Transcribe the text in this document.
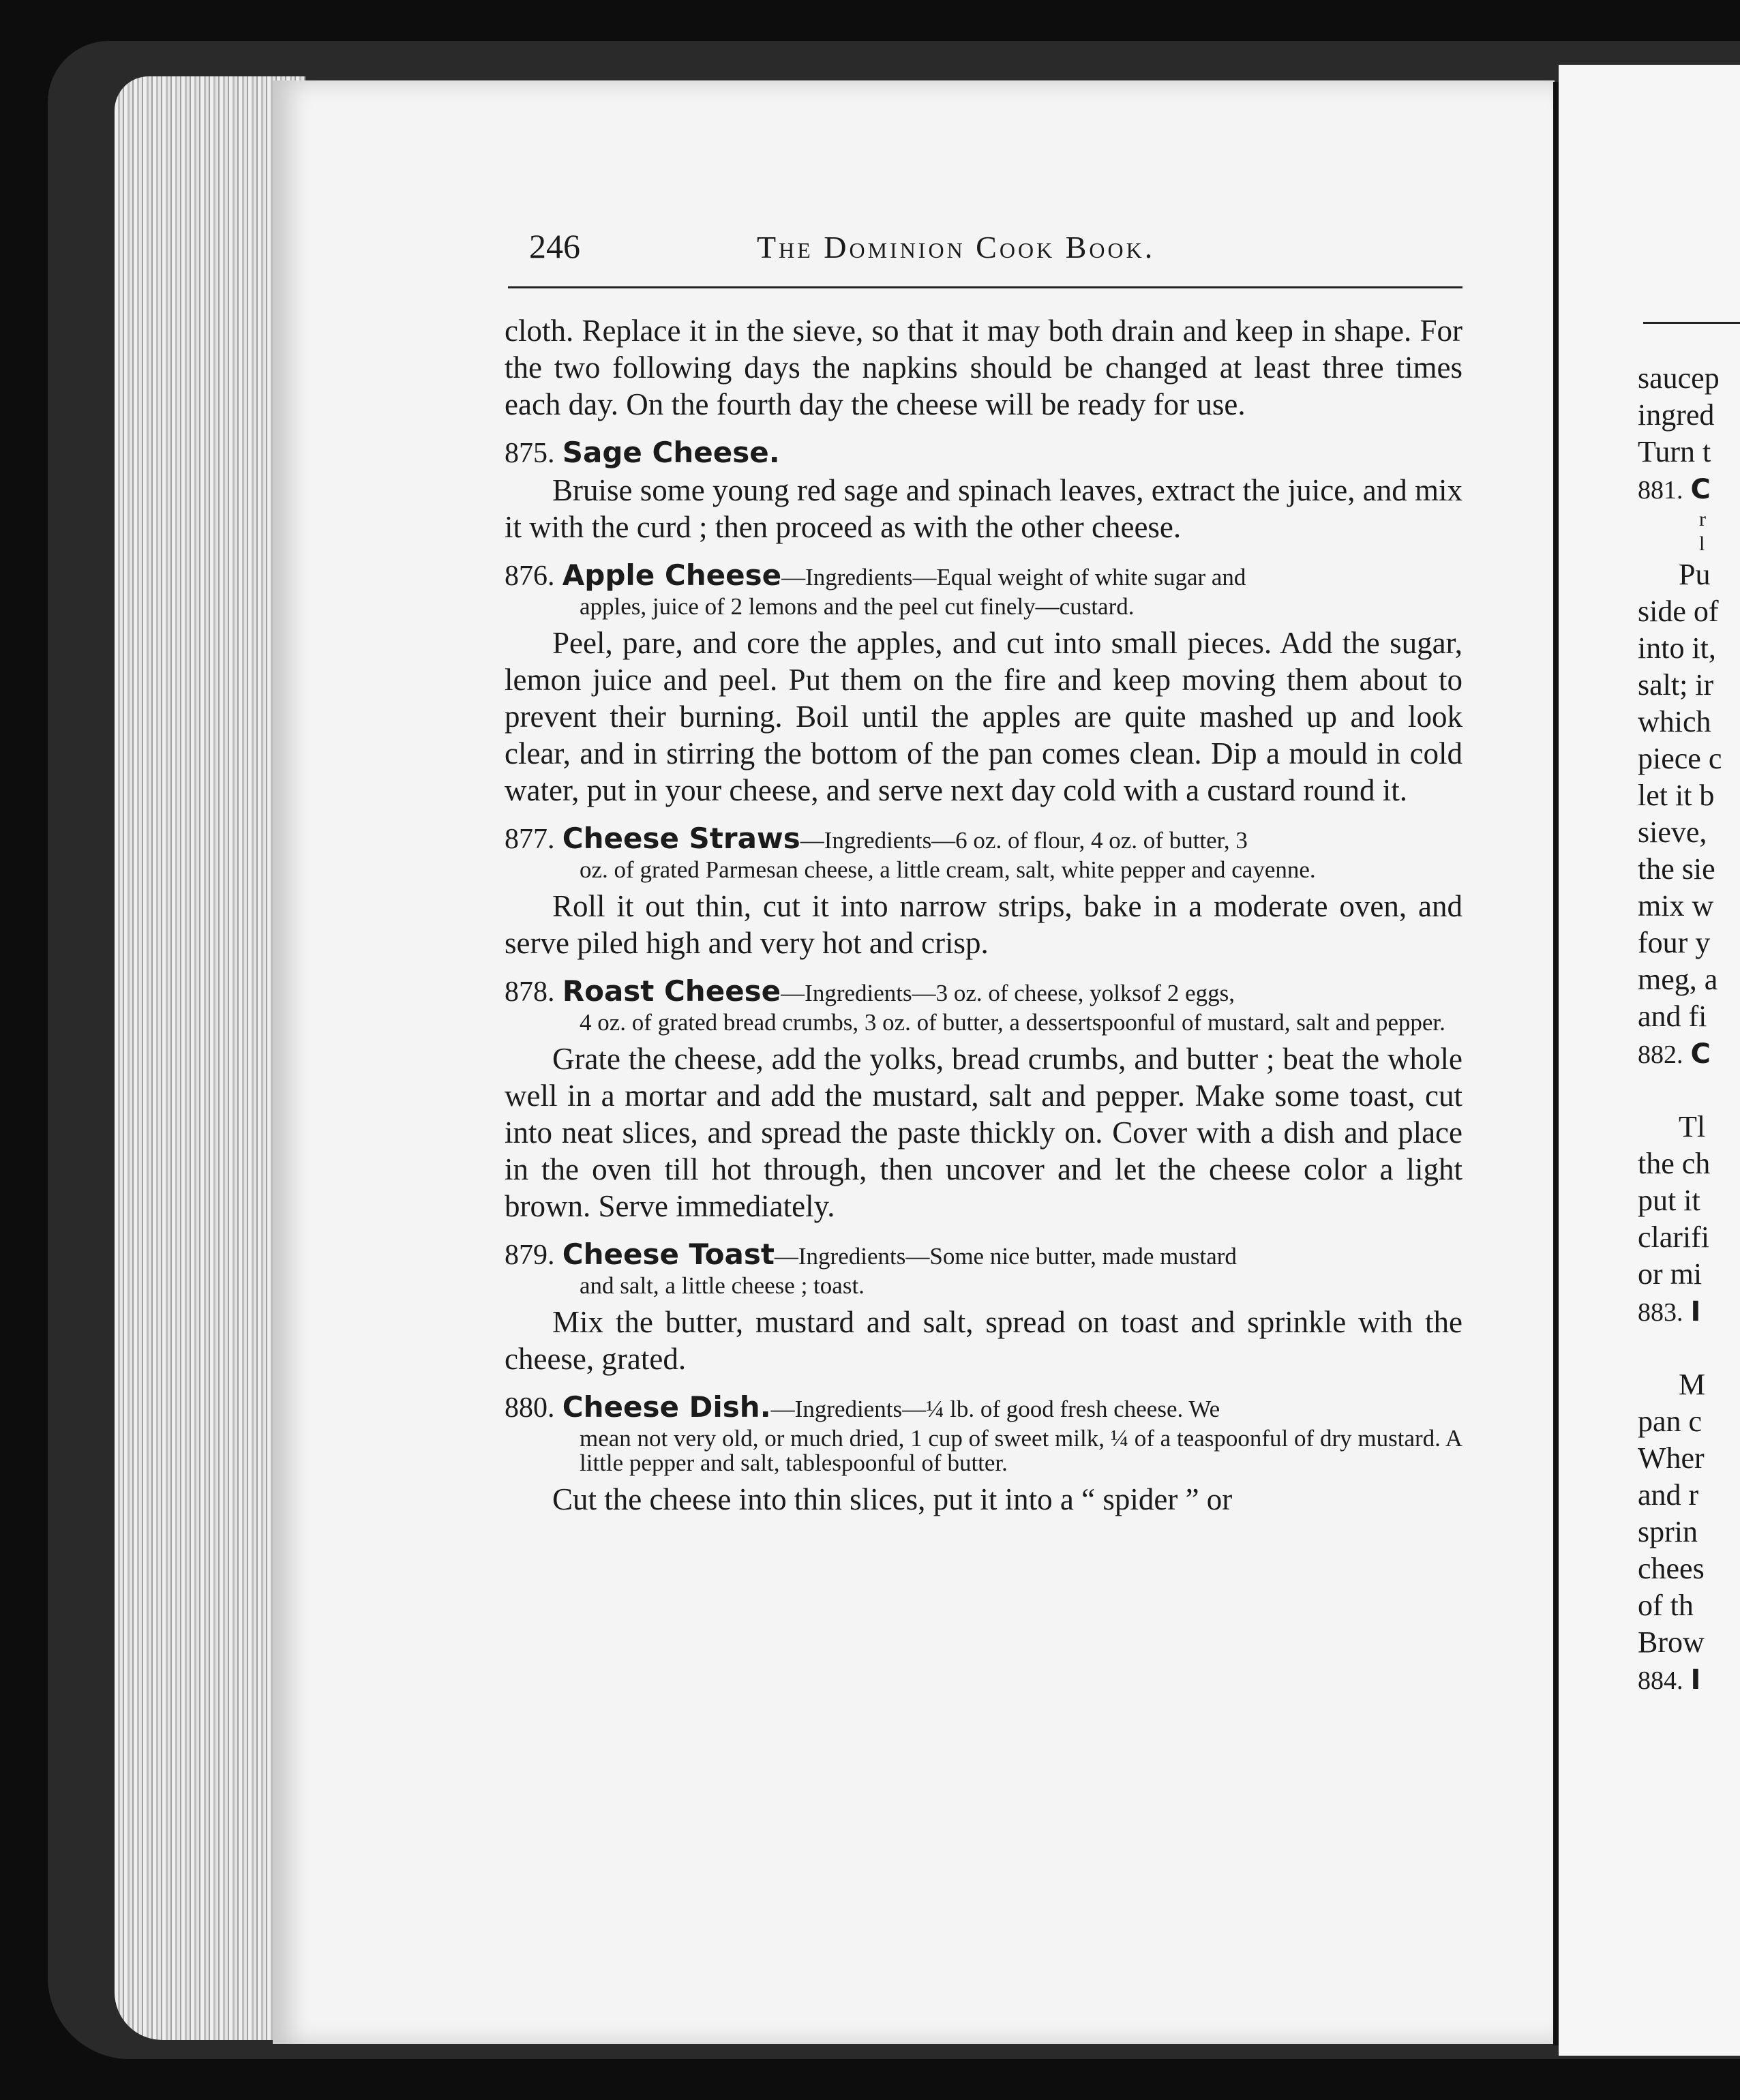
246	The Dominion Cook Book.

cloth. Replace it in the sieve, so that it may both drain and keep in shape. For the two following days the napkins should be changed at least three times each day. On the fourth day the cheese will be ready for use.

875. Sage Cheese.

Bruise some young red sage and spinach leaves, extract the juice, and mix it with the curd ; then proceed as with the other cheese.

876. Apple Cheese—Ingredients—Equal weight of white sugar and

apples, juice of 2 lemons and the peel cut finely—custard.

Peel, pare, and core the apples, and cut into small pieces. Add the sugar, lemon juice and peel. Put them on the fire and keep moving them about to prevent their burning. Boil until the apples are quite mashed up and look clear, and in stirring the bottom of the pan comes clean. Dip a mould in cold water, put in your cheese, and serve next day cold with a custard round it.

877. Cheese Straws—Ingredients—6 oz. of flour, 4 oz. of butter, 3

oz. of grated Parmesan cheese, a little cream, salt, white pepper and cayenne.

Roll it out thin, cut it into narrow strips, bake in a moderate oven, and serve piled high and very hot and crisp.

878. Roast Cheese—Ingredients—3 oz. of cheese, yolksof 2 eggs,

4 oz. of grated bread crumbs, 3 oz. of butter, a dessertspoonful of mustard, salt and pepper.

Grate the cheese, add the yolks, bread crumbs, and butter ; beat the whole well in a mortar and add the mustard, salt and pepper. Make some toast, cut into neat slices, and spread the paste thickly on. Cover with a dish and place in the oven till hot through, then uncover and let the cheese color a light brown. Serve immediately.

879. Cheese Toast—Ingredients—Some nice butter, made mustard

and salt, a little cheese ; toast.

Mix the butter, mustard and salt, spread on toast and sprinkle with the cheese, grated.

880. Cheese Dish.—Ingredients—¼ lb. of good fresh cheese. We

mean not very old, or much dried, 1 cup of sweet milk, ¼ of a teaspoonful of dry mustard. A little pepper and salt, tablespoonful of butter.

Cut the cheese into thin slices, put it into a “ spider ” or

saucep
ingred
Turn t
881. C
r
l
Pu
side of
into it,
salt; ir
which
piece c
let it b
sieve,
the sie
mix w
four y
meg, a
and fi
882. C
Tl
the ch
put it
clarifi
or mi
883. I
M
pan c
Wher
and r
sprin
chees
of th
Brow
884. I
